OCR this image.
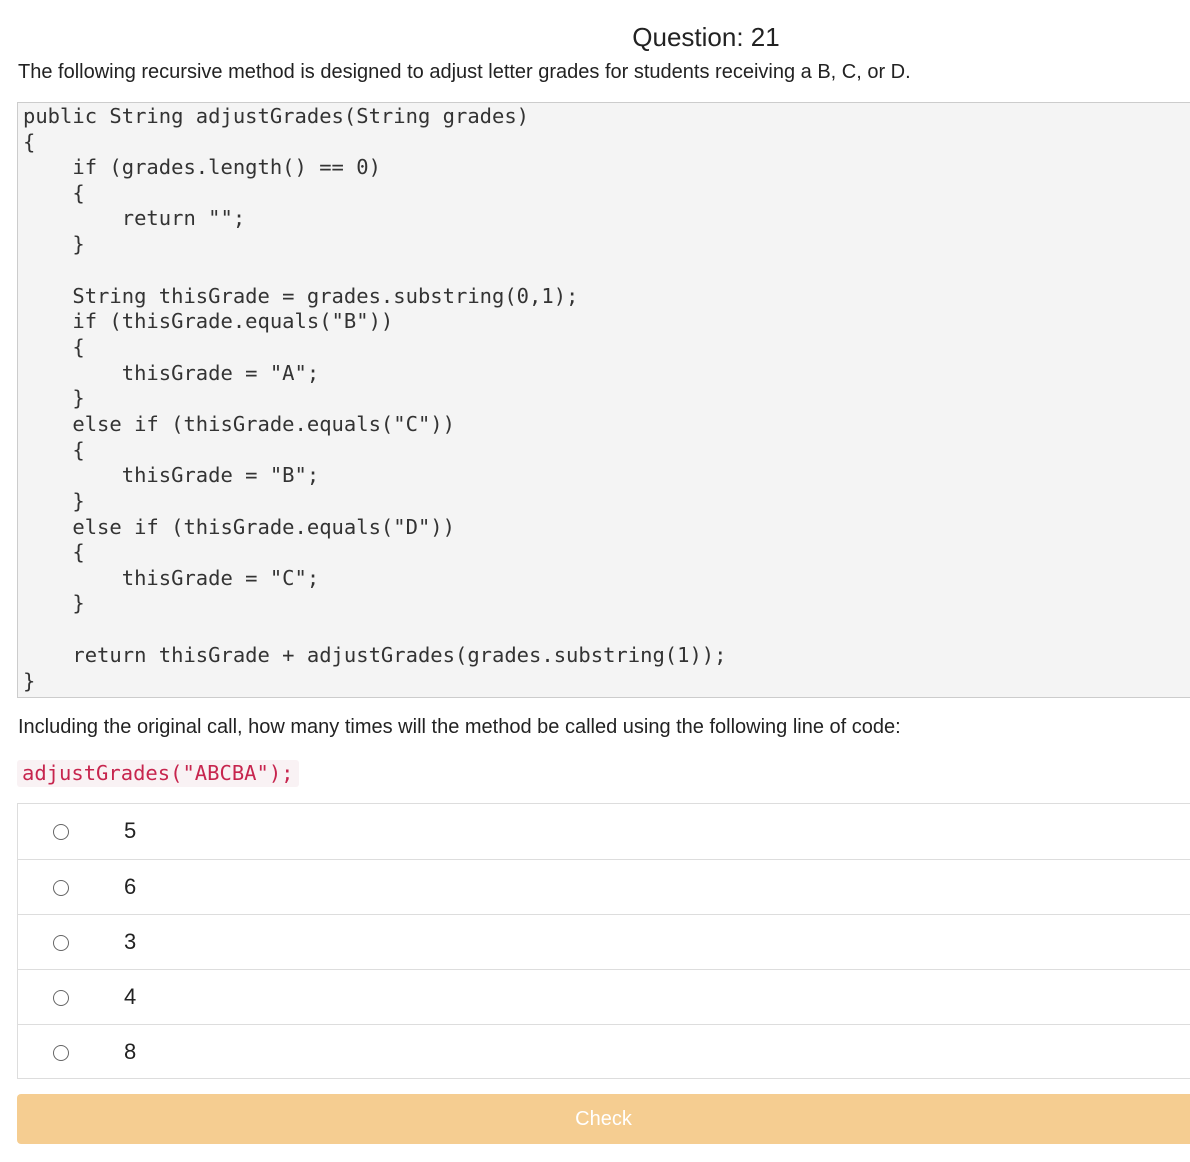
Question: 21
The following recursive method is designed to adjust letter grades for students receiving a B, C, or D.
public String adjustGrades(String grades)
{
if (grades.length() == 0)
{
return "";
}
String thisGrade = grades.substring(0,1);
if (thisGrade.equals("B"))
{
thisGrade = "A";
}
else if (thisGrade.equals("C"))
{
thisGrade = "B";
}
else if (thisGrade.equals("D"))
{
thisGrade = "C";
}
return thisGrade + adjustGrades(grades.substring(1));
}
Including the original call, how many times will the method be called using the following line of code:
adjustGrades("ABCBA");
5
6
3
4
8
Check
